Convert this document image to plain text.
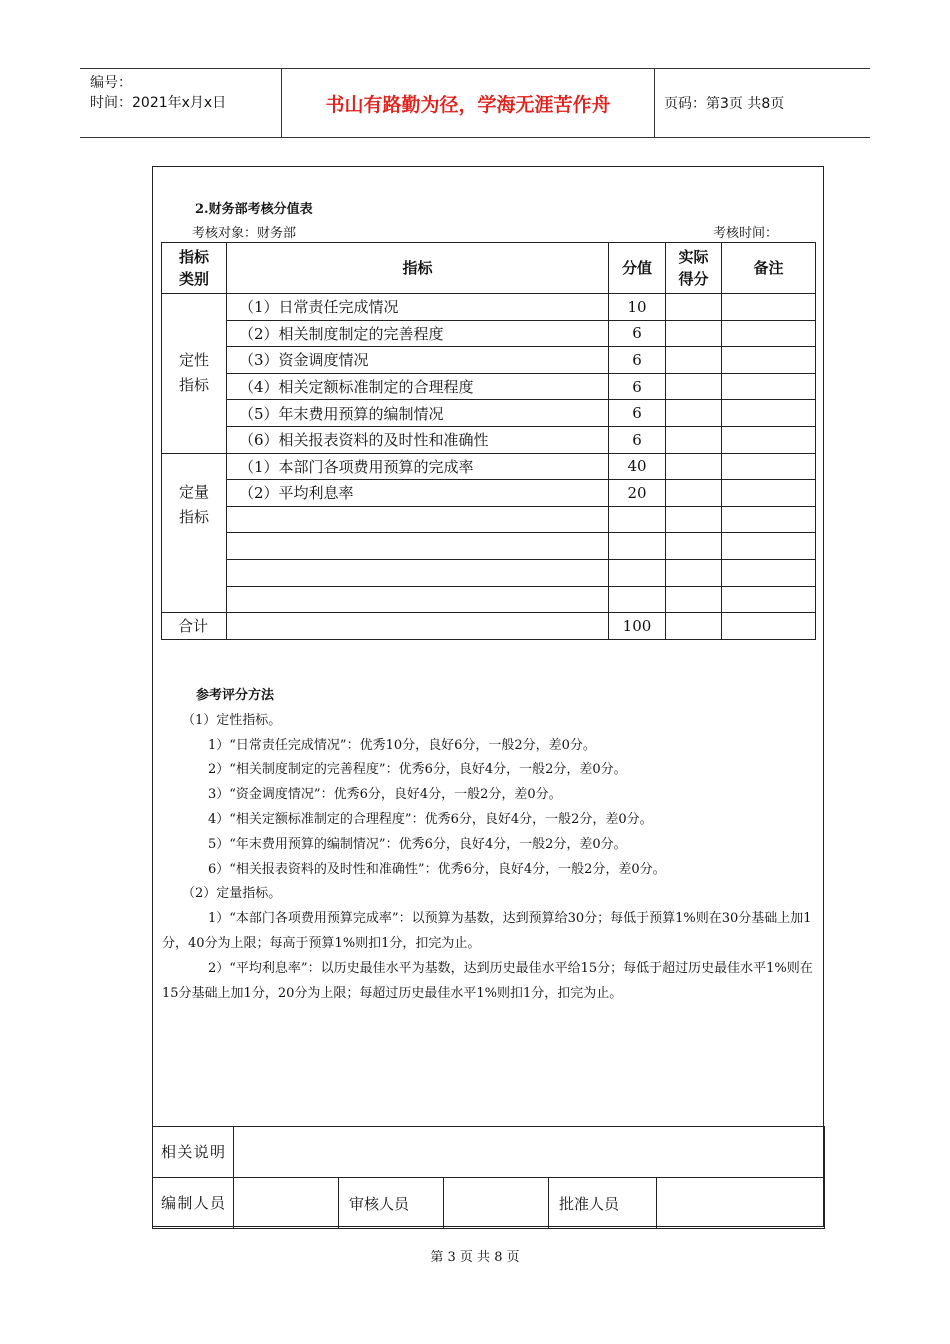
编号：
时间：2021年x月x日	书山有路勤为径，学海无涯苦作舟	页码：第3页 共8页
2.财务部考核分值表
考核对象：财务部	考核时间：
指标类别	指标	分值	实际得分	备注

定性指标	（1）日常责任完成情况	10		
	（2）相关制度制定的完善程度	6		
	（3）资金调度情况	6		
	（4）相关定额标准制定的合理程度	6		
	（5）年末费用预算的编制情况	6		
	（6）相关报表资料的及时性和准确性	6		

定量指标	（1）本部门各项费用预算的完成率	40		
	（2）平均利息率	20		

合计		100		
参考评分方法
（1）定性指标。
1）“日常责任完成情况”：优秀10分，良好6分，一般2分，差0分。
2）“相关制度制定的完善程度”：优秀6分，良好4分，一般2分，差0分。
3）“资金调度情况”：优秀6分，良好4分，一般2分，差0分。
4）“相关定额标准制定的合理程度”：优秀6分，良好4分，一般2分，差0分。
5）“年末费用预算的编制情况”：优秀6分，良好4分，一般2分，差0分。
6）“相关报表资料的及时性和准确性”：优秀6分，良好4分，一般2分，差0分。
（2）定量指标。
1）“本部门各项费用预算完成率”：以预算为基数，达到预算给30分；每低于预算1%则在30分基础上加1分，40分为上限；每高于预算1%则扣1分，扣完为止。
2）“平均利息率”：以历史最佳水平为基数，达到历史最佳水平给15分；每低于超过历史最佳水平1%则在15分基础上加1分，20分为上限；每超过历史最佳水平1%则扣1分，扣完为止。
相关说明					
编制人员		审核人员		批准人员	
第 3 页 共 8 页
